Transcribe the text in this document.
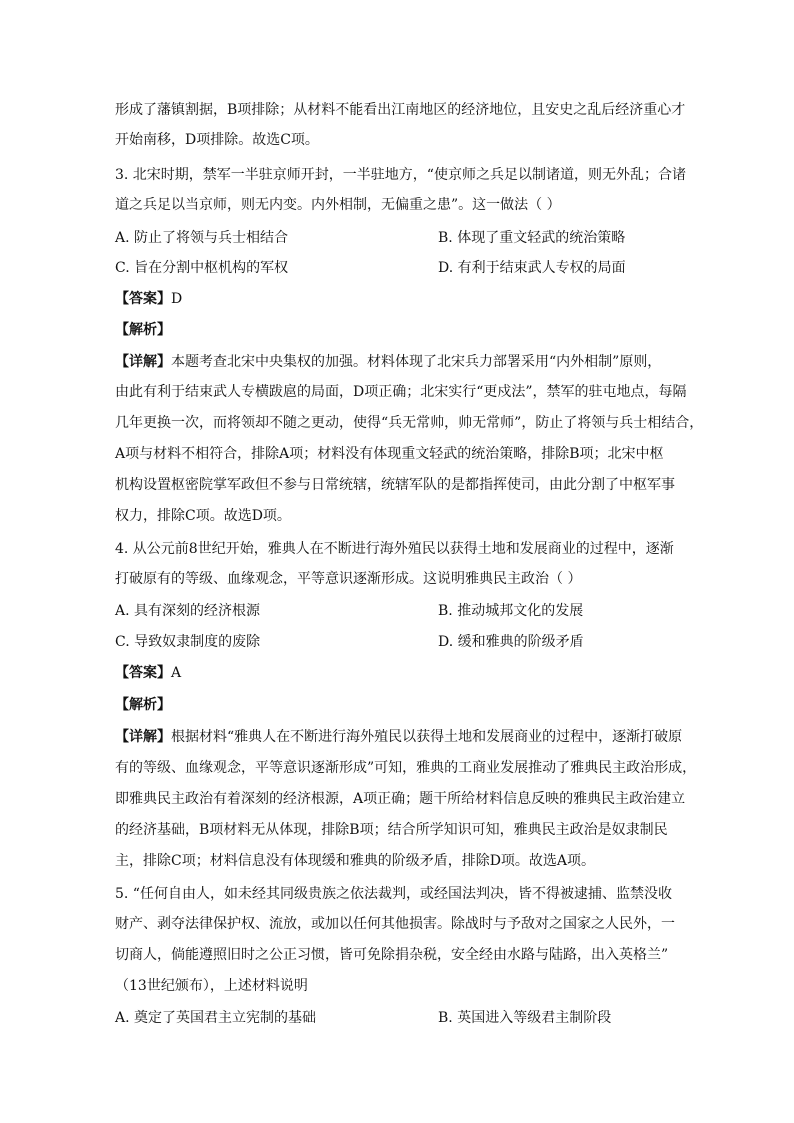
形成了藩镇割据，B项排除；从材料不能看出江南地区的经济地位，且安史之乱后经济重心才
开始南移，D项排除。故选C项。
3. 北宋时期，禁军一半驻京师开封，一半驻地方，“使京师之兵足以制诸道，则无外乱；合诸
道之兵足以当京师，则无内变。内外相制，无偏重之患”。这一做法（ ）
A. 防止了将领与兵士相结合	B. 体现了重文轻武的统治策略
C. 旨在分割中枢机构的军权	D. 有利于结束武人专权的局面
【答案】D
【解析】
【详解】本题考查北宋中央集权的加强。材料体现了北宋兵力部署采用“内外相制”原则，
由此有利于结束武人专横跋扈的局面，D项正确；北宋实行“更戍法”，禁军的驻屯地点，每隔
几年更换一次，而将领却不随之更动，使得“兵无常帅，帅无常师”，防止了将领与兵士相结合，
A项与材料不相符合，排除A项；材料没有体现重文轻武的统治策略，排除B项；北宋中枢
机构设置枢密院掌军政但不参与日常统辖，统辖军队的是都指挥使司，由此分割了中枢军事
权力，排除C项。故选D项。
4. 从公元前8世纪开始，雅典人在不断进行海外殖民以获得土地和发展商业的过程中，逐渐
打破原有的等级、血缘观念，平等意识逐渐形成。这说明雅典民主政治（ ）
A. 具有深刻的经济根源	B. 推动城邦文化的发展
C. 导致奴隶制度的废除	D. 缓和雅典的阶级矛盾
【答案】A
【解析】
【详解】根据材料“雅典人在不断进行海外殖民以获得土地和发展商业的过程中，逐渐打破原
有的等级、血缘观念，平等意识逐渐形成”可知，雅典的工商业发展推动了雅典民主政治形成，
即雅典民主政治有着深刻的经济根源，A项正确；题干所给材料信息反映的雅典民主政治建立
的经济基础，B项材料无从体现，排除B项；结合所学知识可知，雅典民主政治是奴隶制民
主，排除C项；材料信息没有体现缓和雅典的阶级矛盾，排除D项。故选A项。
5. “任何自由人，如未经其同级贵族之依法裁判，或经国法判决，皆不得被逮捕、监禁没收
财产、剥夺法律保护权、流放，或加以任何其他损害。除战时与予敌对之国家之人民外，一
切商人，倘能遵照旧时之公正习惯，皆可免除捐杂税，安全经由水路与陆路，出入英格兰”
（13世纪颁布），上述材料说明
A. 奠定了英国君主立宪制的基础	B. 英国进入等级君主制阶段
